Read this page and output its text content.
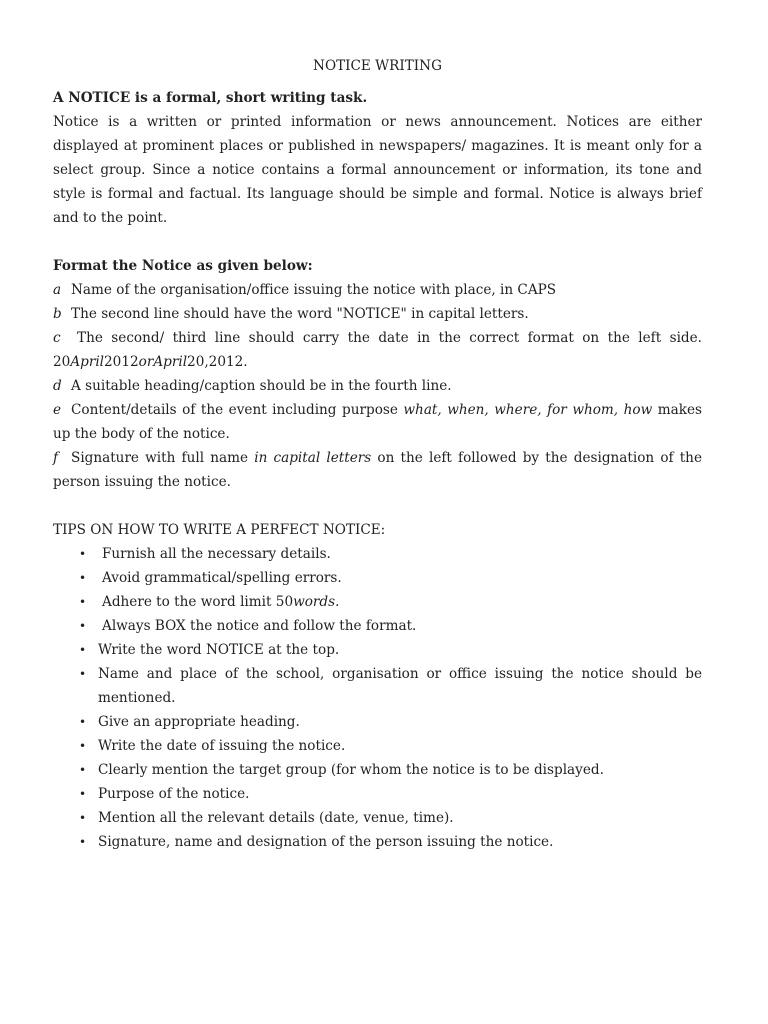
NOTICE WRITING

A NOTICE is a formal, short writing task.

Notice is a written or printed information or news announcement. Notices are either displayed at prominent places or published in newspapers/ magazines. It is meant only for a select group. Since a notice contains a formal announcement or information, its tone and style is formal and factual. Its language should be simple and formal. Notice is always brief and to the point.

Format the Notice as given below:

a Name of the organisation/office issuing the notice with place, in CAPS

b The second line should have the word "NOTICE" in capital letters.

c The second/ third line should carry the date in the correct format on the left side. 20April2012orApril20,2012.

d A suitable heading/caption should be in the fourth line.

e Content/details of the event including purpose what, when, where, for whom, how makes up the body of the notice.

f Signature with full name in capital letters on the left followed by the designation of the person issuing the notice.

TIPS ON HOW TO WRITE A PERFECT NOTICE:

• Furnish all the necessary details.
• Avoid grammatical/spelling errors.
• Adhere to the word limit 50words.
• Always BOX the notice and follow the format.
• Write the word NOTICE at the top.
• Name and place of the school, organisation or office issuing the notice should be mentioned.
• Give an appropriate heading.
• Write the date of issuing the notice.
• Clearly mention the target group (for whom the notice is to be displayed.
• Purpose of the notice.
• Mention all the relevant details (date, venue, time).
• Signature, name and designation of the person issuing the notice.
